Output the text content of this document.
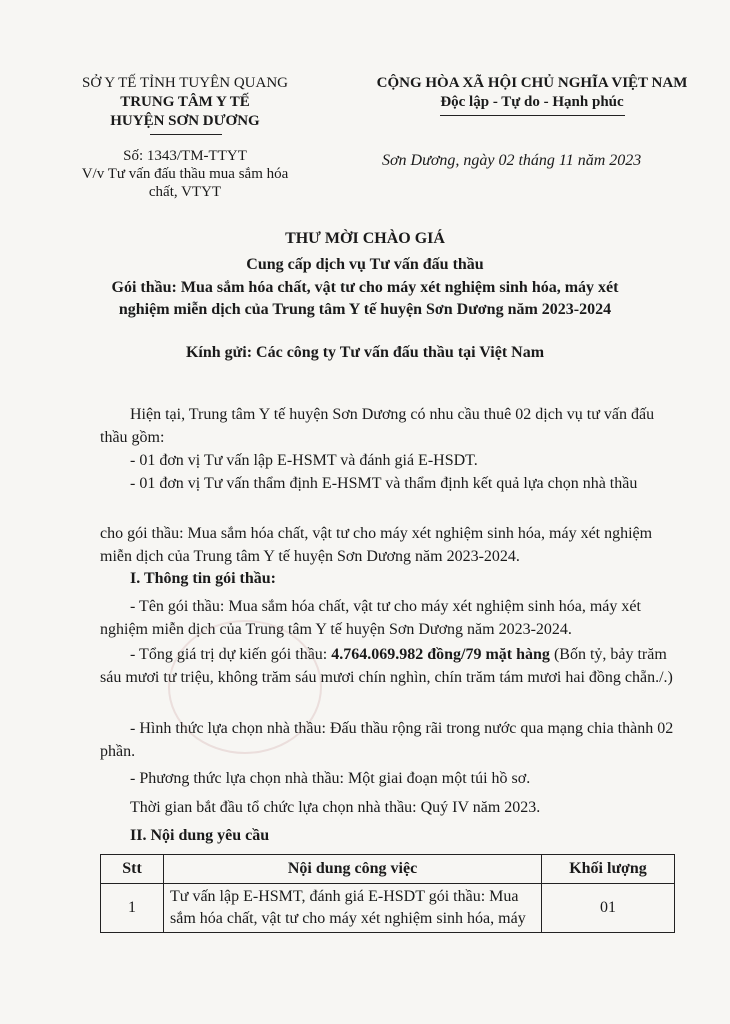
SỞ Y TẾ TỈNH TUYÊN QUANG
TRUNG TÂM Y TẾ
HUYỆN SƠN DƯƠNG
CỘNG HÒA XÃ HỘI CHỦ NGHĨA VIỆT NAM
Độc lập - Tự do - Hạnh phúc
Số: 1343/TM-TTYT
V/v Tư vấn đấu thầu mua sắm hóa
chất, VTYT
Sơn Dương, ngày 02 tháng 11 năm 2023
THƯ MỜI CHÀO GIÁ
Cung cấp dịch vụ Tư vấn đấu thầu
Gói thầu: Mua sắm hóa chất, vật tư cho máy xét nghiệm sinh hóa, máy xét
nghiệm miễn dịch của Trung tâm Y tế huyện Sơn Dương năm 2023-2024
Kính gửi: Các công ty Tư vấn đấu thầu tại Việt Nam
Hiện tại, Trung tâm Y tế huyện Sơn Dương có nhu cầu thuê 02 dịch vụ tư vấn đấu thầu gồm:
- 01 đơn vị Tư vấn lập E-HSMT và đánh giá E-HSDT.
- 01 đơn vị Tư vấn thẩm định E-HSMT và thẩm định kết quả lựa chọn nhà thầu
cho gói thầu: Mua sắm hóa chất, vật tư cho máy xét nghiệm sinh hóa, máy xét nghiệm miễn dịch của Trung tâm Y tế huyện Sơn Dương năm 2023-2024.
I. Thông tin gói thầu:
- Tên gói thầu: Mua sắm hóa chất, vật tư cho máy xét nghiệm sinh hóa, máy xét nghiệm miễn dịch của Trung tâm Y tế huyện Sơn Dương năm 2023-2024.
- Tổng giá trị dự kiến gói thầu: 4.764.069.982 đồng/79 mặt hàng (Bốn tỷ, bảy trăm sáu mươi tư triệu, không trăm sáu mươi chín nghìn, chín trăm tám mươi hai đồng chẵn./.)
- Hình thức lựa chọn nhà thầu: Đấu thầu rộng rãi trong nước qua mạng chia thành 02 phần.
- Phương thức lựa chọn nhà thầu: Một giai đoạn một túi hồ sơ.
Thời gian bắt đầu tổ chức lựa chọn nhà thầu: Quý IV năm 2023.
II. Nội dung yêu cầu
Stt	Nội dung công việc	Khối lượng
1	Tư vấn lập E-HSMT, đánh giá E-HSDT gói thầu: Mua sắm hóa chất, vật tư cho máy xét nghiệm sinh hóa, máy	01
